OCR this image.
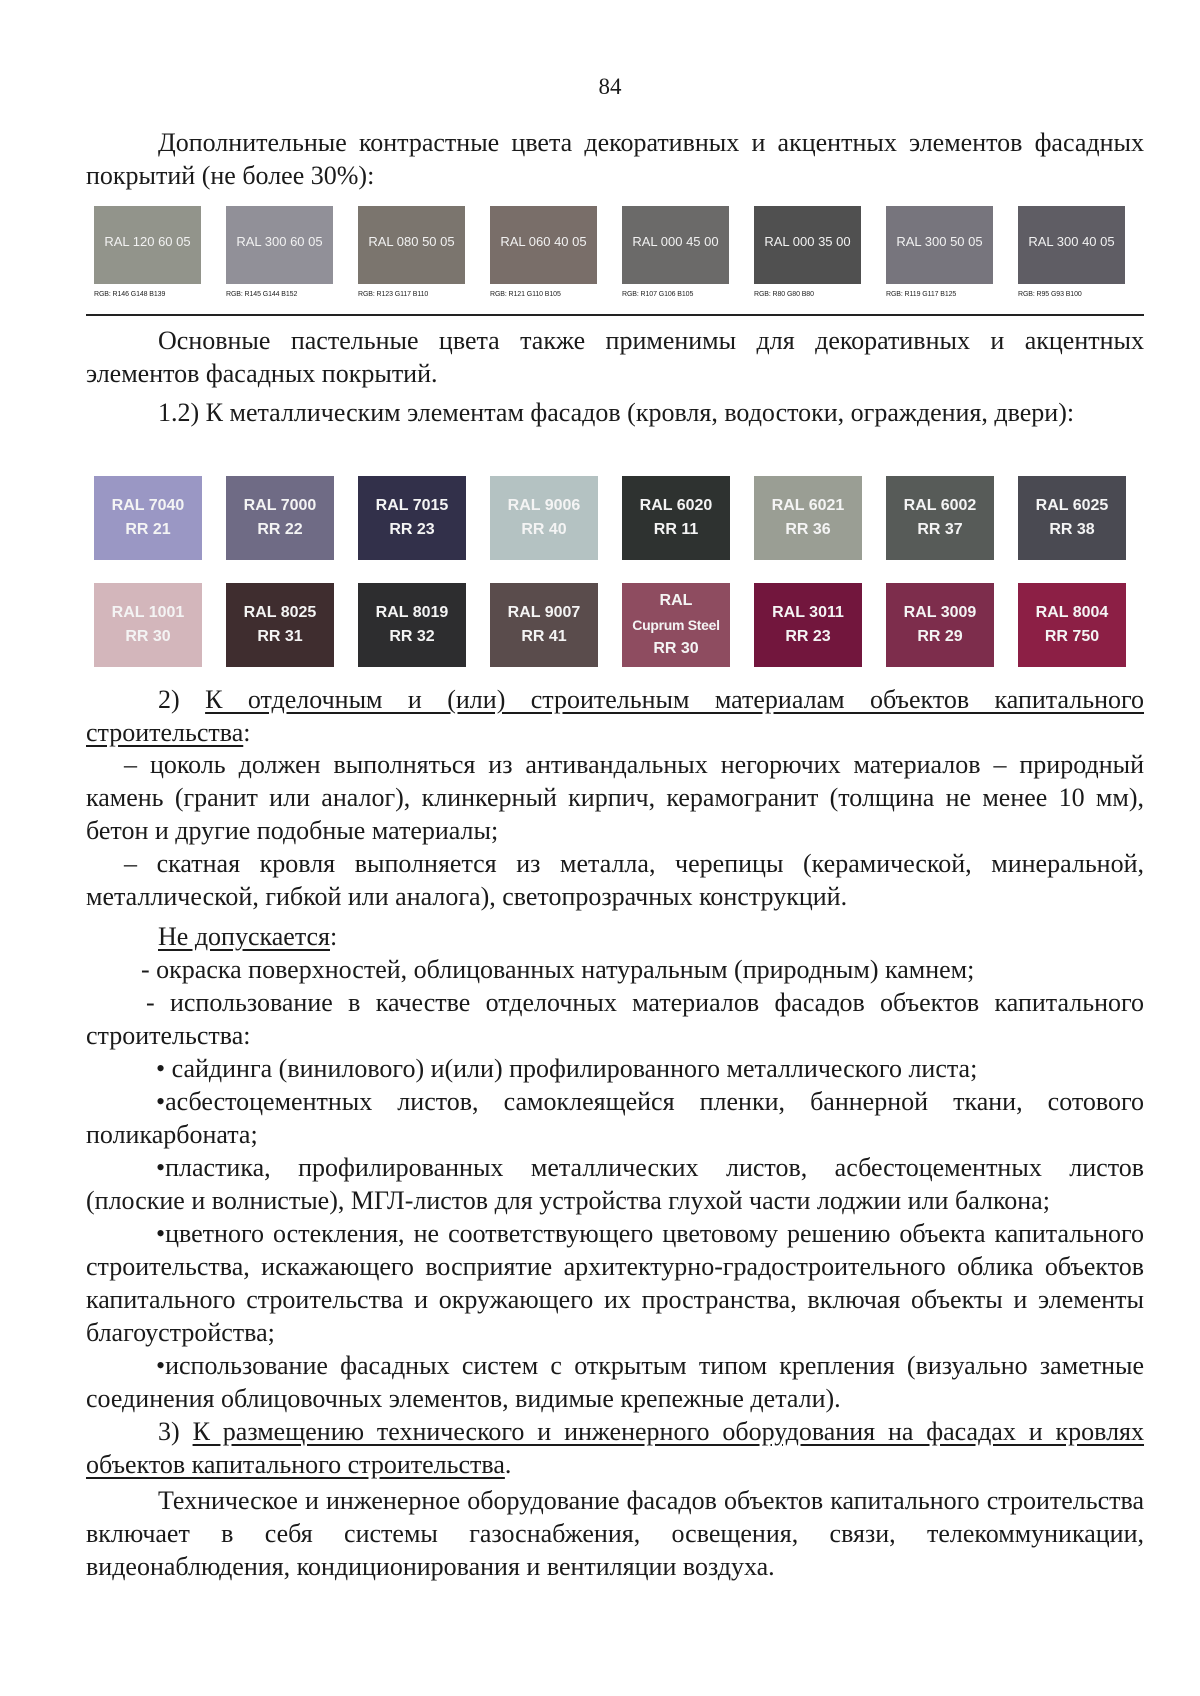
84
Дополнительные контрастные цвета декоративных и акцентных элементов фасадных покрытий (не более 30%):
RAL 120 60 05	RAL 300 60 05	RAL 080 50 05	RAL 060 40 05	RAL 000 45 00	RAL 000 35 00	RAL 300 50 05	RAL 300 40 05
RGB: R146 G148 B139	RGB: R145 G144 B152	RGB: R123 G117 B110	RGB: R121 G110 B105	RGB: R107 G106 B105	RGB: R80 G80 B80	RGB: R119 G117 B125	RGB: R95 G93 B100
Основные пастельные цвета также применимы для декоративных и акцентных элементов фасадных покрытий.
1.2) К металлическим элементам фасадов (кровля, водостоки, ограждения, двери):
RAL 7040
RR 21
RAL 7000
RR 22
RAL 7015
RR 23
RAL 9006
RR 40
RAL 6020
RR 11
RAL 6021
RR 36
RAL 6002
RR 37
RAL 6025
RR 38
RAL 1001
RR 30
RAL 8025
RR 31
RAL 8019
RR 32
RAL 9007
RR 41
RAL
Cuprum Steel
RR 30
RAL 3011
RR 23
RAL 3009
RR 29
RAL 8004
RR 750
2) К отделочным и (или) строительным материалам объектов капитального строительства:
– цоколь должен выполняться из антивандальных негорючих материалов – природный камень (гранит или аналог), клинкерный кирпич, керамогранит (толщина не менее 10 мм), бетон и другие подобные материалы;
– скатная кровля выполняется из металла, черепицы (керамической, минеральной, металлической, гибкой или аналога), светопрозрачных конструкций.
Не допускается:
- окраска поверхностей, облицованных натуральным (природным) камнем;
- использование в качестве отделочных материалов фасадов объектов капитального строительства:
• сайдинга (винилового) и(или) профилированного металлического листа;
•асбестоцементных листов, самоклеящейся пленки, баннерной ткани, сотового поликарбоната;
•пластика, профилированных металлических листов, асбестоцементных листов (плоские и волнистые), МГЛ-листов для устройства глухой части лоджии или балкона;
•цветного остекления, не соответствующего цветовому решению объекта капитального строительства, искажающего восприятие архитектурно-градостроительного облика объектов капитального строительства и окружающего их пространства, включая объекты и элементы благоустройства;
•использование фасадных систем с открытым типом крепления (визуально заметные соединения облицовочных элементов, видимые крепежные детали).
3) К размещению технического и инженерного оборудования на фасадах и кровлях объектов капитального строительства.
Техническое и инженерное оборудование фасадов объектов капитального строительства включает в себя системы газоснабжения, освещения, связи, телекоммуникации, видеонаблюдения, кондиционирования и вентиляции воздуха.
